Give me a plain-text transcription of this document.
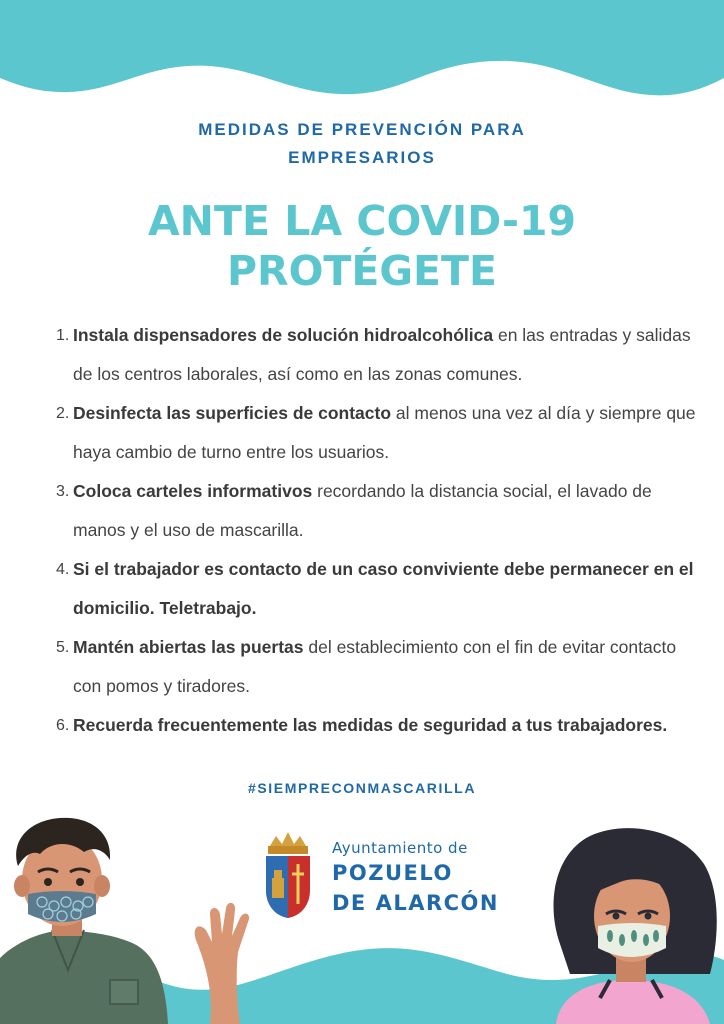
MEDIDAS DE PREVENCIÓN PARA
EMPRESARIOS
ANTE LA COVID-19
PROTÉGETE
1. Instala dispensadores de solución hidroalcohólica en las entradas y salidas de los centros laborales, así como en las zonas comunes.
2. Desinfecta las superficies de contacto al menos una vez al día y siempre que haya cambio de turno entre los usuarios.
3. Coloca carteles informativos recordando la distancia social, el lavado de manos y el uso de mascarilla.
4. Si el trabajador es contacto de un caso conviviente debe permanecer en el domicilio. Teletrabajo.
5. Mantén abiertas las puertas del establecimiento con el fin de evitar contacto con pomos y tiradores.
6. Recuerda frecuentemente las medidas de seguridad a tus trabajadores.
#SIEMPRECONMASCARILLA
Ayuntamiento de
POZUELO
DE ALARCÓN
